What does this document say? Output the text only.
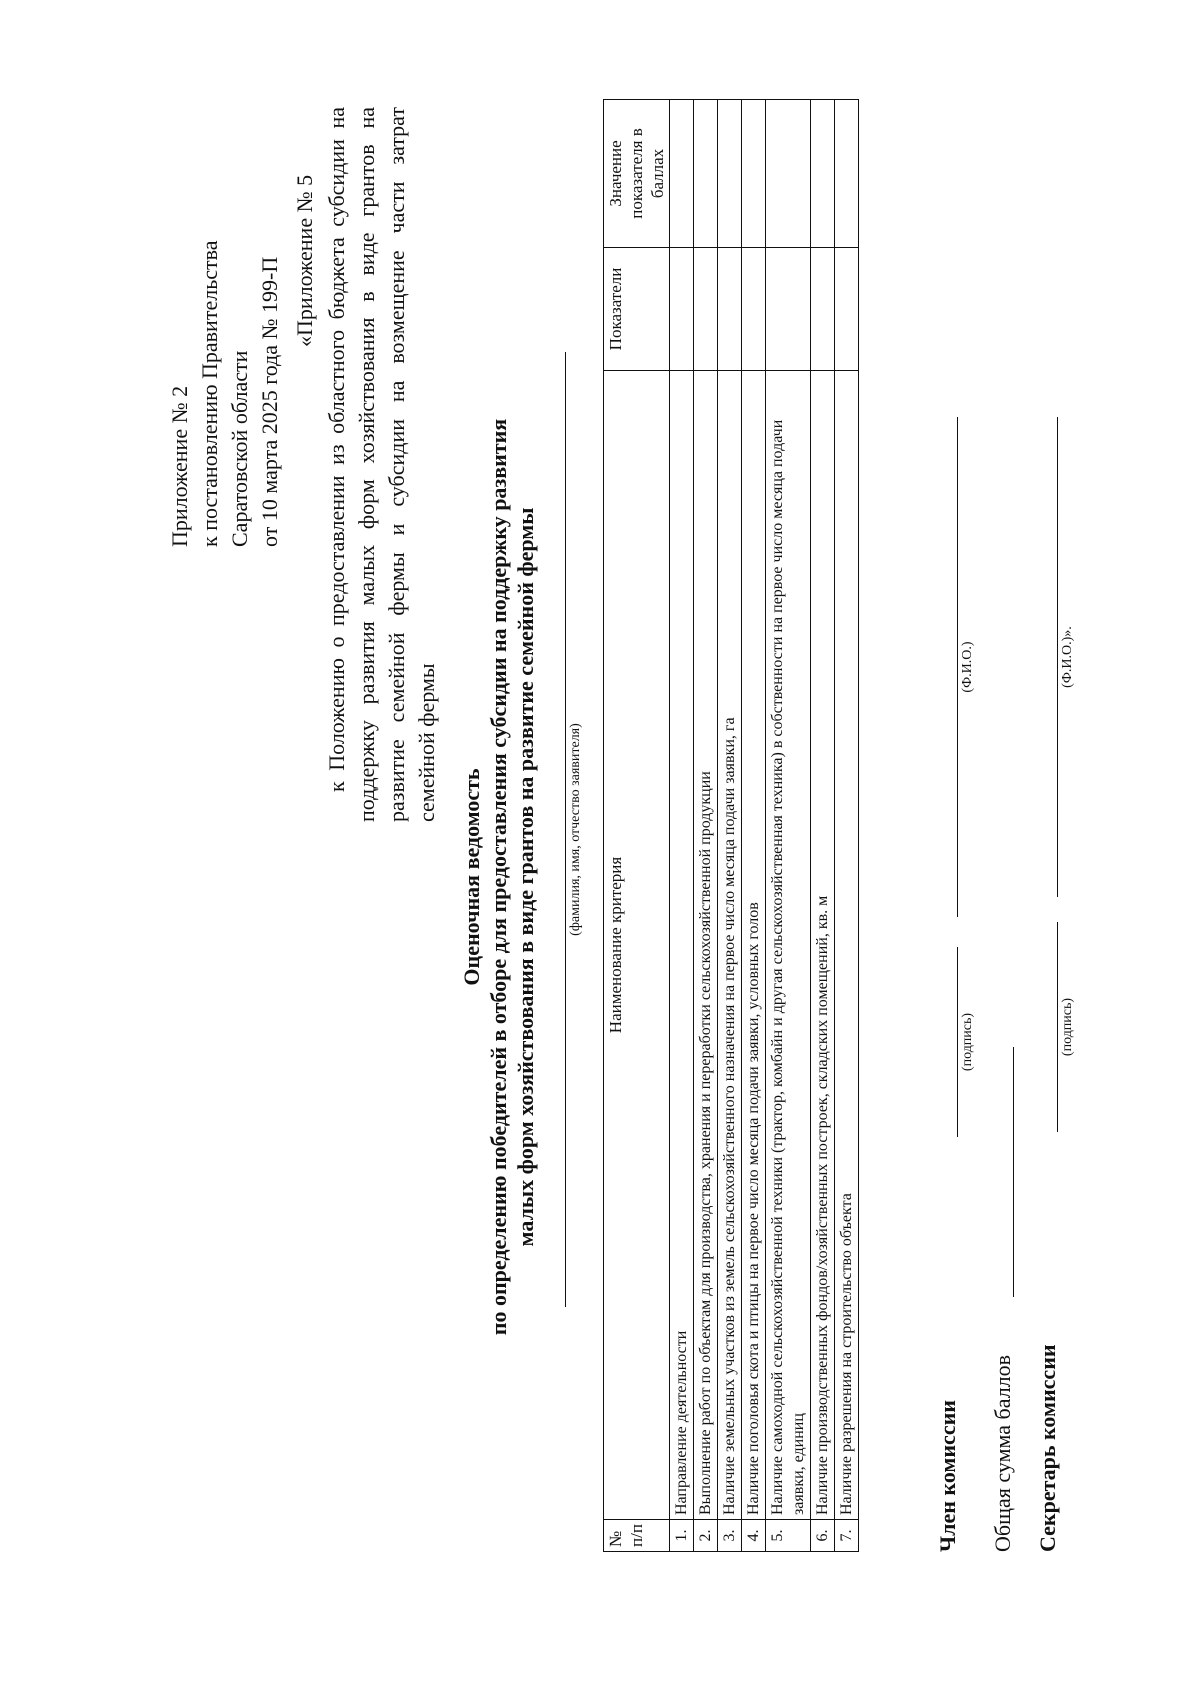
Приложение № 2 к постановлению Правительства Саратовской области от 10 марта 2025 года № 199-П «Приложение № 5 к Положению о предоставлении из областного бюджета субсидии на поддержку развития малых форм хозяйствования в виде грантов на развитие семейной фермы и субсидии на возмещение части затрат семейной фермы
Оценочная ведомость по определению победителей в отборе для предоставления субсидии на поддержку развития малых форм хозяйствования в виде грантов на развитие семейной фермы (фамилия, имя, отчество заявителя)
№ п/п	Наименование критерия	Показатели	Значение показателя в баллах
1.	Направление деятельности		
2.	Выполнение работ по объектам для производства, хранения и переработки сельскохозяйственной продукции		
3.	Наличие земельных участков из земель сельскохозяйственного назначения на первое число месяца подачи заявки, га		
4.	Наличие поголовья скота и птицы на первое число месяца подачи заявки, условных голов		
5.	Наличие самоходной сельскохозяйственной техники (трактор, комбайн и другая сельскохозяйственная техника) в собственности на первое число месяца подачи заявки, единиц		
6.	Наличие производственных фондов/хозяйственных построек, складских помещений, кв. м		
7.	Наличие разрешения на строительство объекта			Член комиссии
(подпись)
(Ф.И.О.)
Общая сумма баллов Секретарь комиссии
(подпись)
(Ф.И.О.)».
